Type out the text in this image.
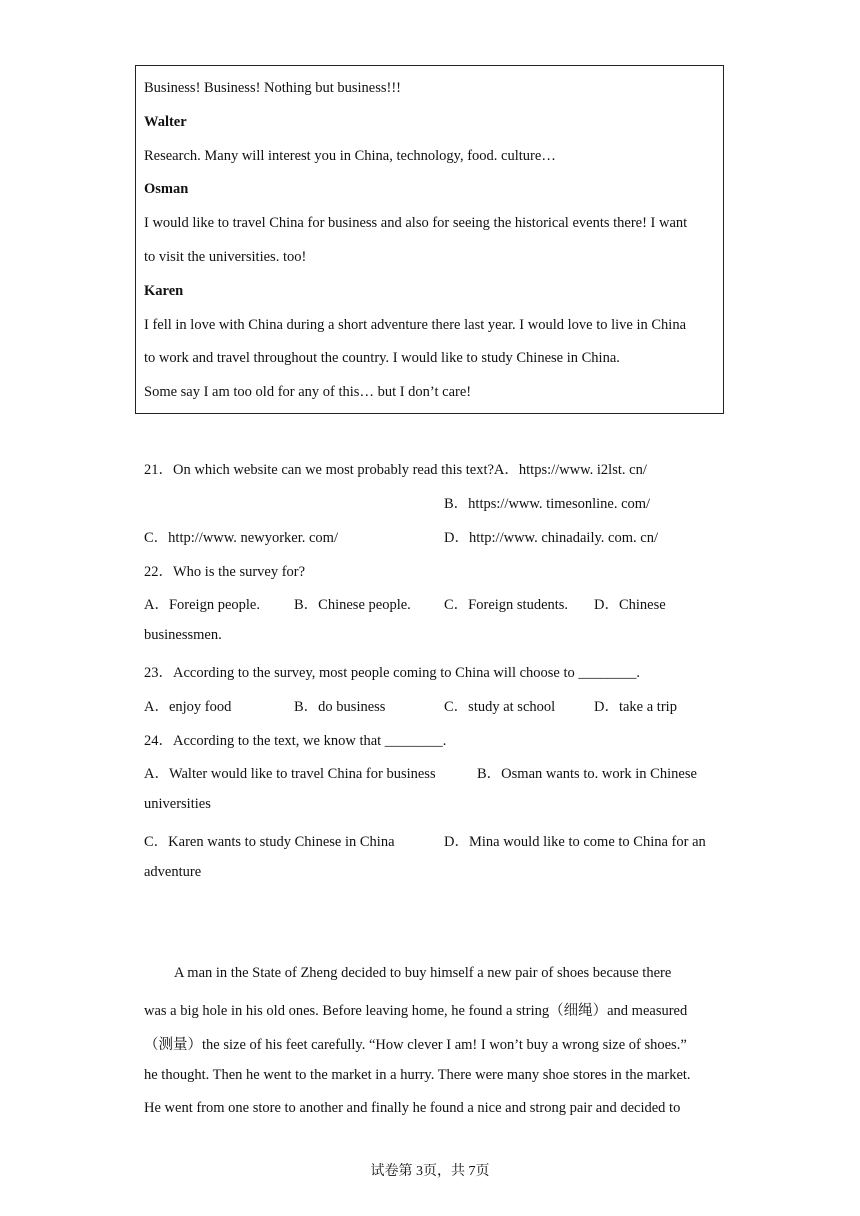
Business! Business! Nothing but business!!!
Walter
Research. Many will interest you in China, technology, food. culture…
Osman
I would like to travel China for business and also for seeing the historical events there! I want
to visit the universities. too!
Karen
I fell in love with China during a short adventure there last year. I would love to live in China
to work and travel throughout the country. I would like to study Chinese in China.
Some say I am too old for any of this… but I don’t care!
21．On which website can we most probably read this text?A．https://www. i2lst. cn/
B．https://www. timesonline. com/
C．http://www. newyorker. com/	D．http://www. chinadaily. com. cn/
22．Who is the survey for?
A．Foreign people. B．Chinese people. C．Foreign students. D．Chinese
businessmen.
23．According to the survey, most people coming to China will choose to ________.
A．enjoy food	B．do business	C．study at school	D．take a trip
24．According to the text, we know that ________.
A．Walter would like to travel China for business	B．Osman wants to. work in Chinese
universities
C．Karen wants to study Chinese in China	D．Mina would like to come to China for an
adventure
A man in the State of Zheng decided to buy himself a new pair of shoes because there
was a big hole in his old ones. Before leaving home, he found a string（细绳）and measured
（测量）the size of his feet carefully. “How clever I am! I won’t buy a wrong size of shoes.”
he thought. Then he went to the market in a hurry. There were many shoe stores in the market.
He went from one store to another and finally he found a nice and strong pair and decided to
试卷第 3页，共 7页
